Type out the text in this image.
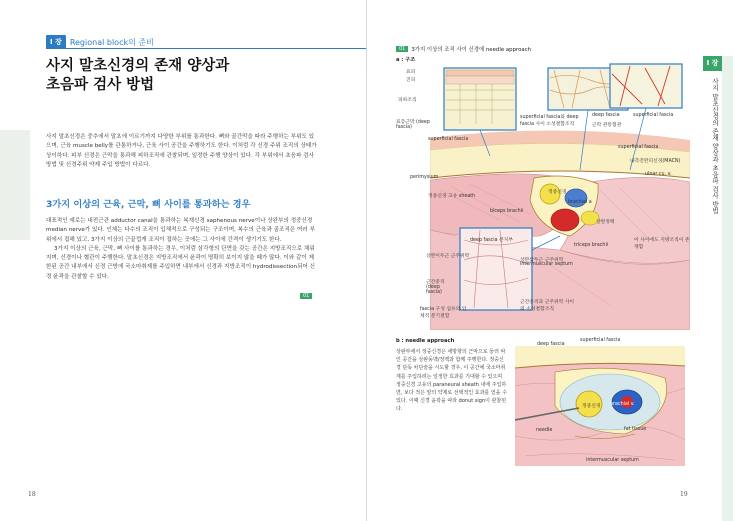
I 장	Regional block의 준비
사지 말초신경의 존재 양상과
초음파 검사 방법
사지 말초신경은 중추에서 말초에 이르기까지 다양한 부위를 통과한다. 뼈와 골간막을 따라 주행하는 부위도 있으며, 근육 muscle belly를 관통하거나, 근육 사이 공간을 주행하기도 한다. 이처럼 각 신경 주위 조직의 상태가 상이하다. 피부 신경은 근막을 통과해 피하조직에 관찰되며, 일정한 주행 양상이 있다. 각 부위에서 초음파 검사 방법 및 신경주위 약제 주입 방법이 다르다.
3가지 이상의 근육, 근막, 뼈 사이를 통과하는 경우
대표적인 예로는 내전근관 adductor canal을 통과하는 복재신경 saphenous nerve이나 상완부의 정중신경 median nerve가 있다. 인체는 다수의 조직이 입체적으로 구성되는 구조이며, 복수의 근육과 골조직은 여러 부위에서 접해 있고, 3가지 이상의 근끝껍게 조직이 접하는 곳에는 그 사이에 간격이 생기기도 한다.
3가지 이상의 근육, 근막, 뼈 사이를 통과하는 경우, 이처럼 삼각형의 단면을 갖는 공간은 지방조직으로 채워지며, 신경이나 혈관이 주행한다. 말초신경은 지방조직에서 윤곽이 명확히 보이지 않을 때가 많다. 이와 같이 제한된 공간 내부에서 신경 근방에 국소마취제를 주입하면 내부에서 신경과 지방조직이 hydrodissection되어 신경 윤곽을 관찰할 수 있다.
01
18
I 장
사지 말초신경의 존재 양상과 초음파 검사 방법
01	3가지 이상의 조직 사이 신경에 needle approach
a : 구조
표피
진피
피하조직
표층근막 (deep fascia)
superficial fascia와 deep fascia 사이 소성결합조직
deep fascia
근막 관통혈관
superficial fascia
superficial fascia
superficial fascia
내측전완피신경(MACN)
ulnar cu. v.
perimysium
정중신경 고유 sheath
정중신경
brachial a
상완정맥
biceps brachii
triceps brachii
deep fascia 분지부
intermuscular septum
상완이두근 근주위막
상완삼두근 근주위막
이 사이에도 지방조직이 존재함
근간중격 (deep fascia)
근간중격과 근주위막 사이의 소성결합조직
fascia 구성 섬유의 입체적 분기결합
b : needle approach
상완부에서 정중신경은 세방향의 근막으로 둘러 싸인 공간을 상완동맥/정맥과 함께 주행한다. 정중신경 단독 차단술을 시도할 경우, 이 공간에 국소마취제를 주입하려는 일정한 효과를 기대할 수 있으며 정중신경 고유의 paraneural sheath 내에 주입하면, 보다 적은 양의 약제로 선택적인 효과를 얻을 수 있다. 이때 신경 윤곽을 따라 donut sign이 관찰된다.
deep fascia
superficial fascia
정중신경 brachial v.
needle	fat tissue
intermuscular septum
19
